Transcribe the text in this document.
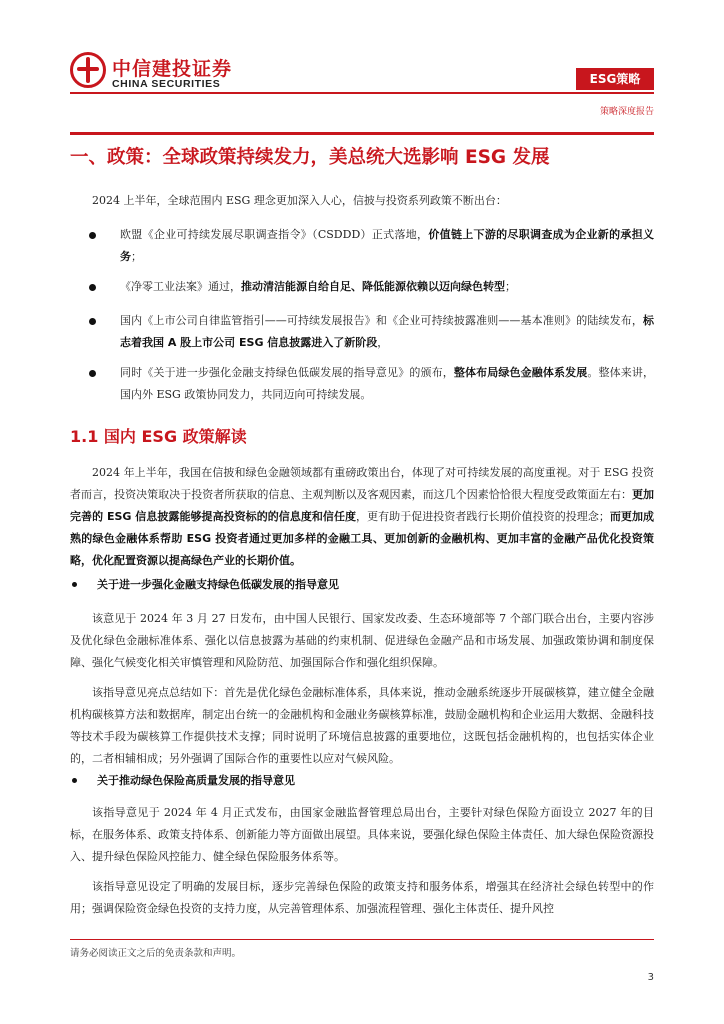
中信建投证券
CHINA SECURITIES	ESG策略
策略深度报告
一、政策：全球政策持续发力，美总统大选影响 ESG 发展
2024 上半年，全球范围内 ESG 理念更加深入人心，信披与投资系列政策不断出台：
欧盟《企业可持续发展尽职调查指令》（CSDDD）正式落地，价值链上下游的尽职调查成为企业新的承担义务；
《净零工业法案》通过，推动清洁能源自给自足、降低能源依赖以迈向绿色转型；
国内《上市公司自律监管指引——可持续发展报告》和《企业可持续披露准则——基本准则》的陆续发布，标志着我国 A 股上市公司 ESG 信息披露进入了新阶段，
同时《关于进一步强化金融支持绿色低碳发展的指导意见》的颁布，整体布局绿色金融体系发展。整体来讲，国内外 ESG 政策协同发力，共同迈向可持续发展。
1.1 国内 ESG 政策解读
2024 年上半年，我国在信披和绿色金融领域都有重磅政策出台，体现了对可持续发展的高度重视。对于 ESG 投资者而言，投资决策取决于投资者所获取的信息、主观判断以及客观因素，而这几个因素恰恰很大程度受政策面左右：更加完善的 ESG 信息披露能够提高投资标的的信息度和信任度，更有助于促进投资者践行长期价值投资的投理念；而更加成熟的绿色金融体系帮助 ESG 投资者通过更加多样的金融工具、更加创新的金融机构、更加丰富的金融产品优化投资策略，优化配置资源以提高绿色产业的长期价值。
关于进一步强化金融支持绿色低碳发展的指导意见
该意见于 2024 年 3 月 27 日发布，由中国人民银行、国家发改委、生态环境部等 7 个部门联合出台，主要内容涉及优化绿色金融标准体系、强化以信息披露为基础的约束机制、促进绿色金融产品和市场发展、加强政策协调和制度保障、强化气候变化相关审慎管理和风险防范、加强国际合作和强化组织保障。
该指导意见亮点总结如下：首先是优化绿色金融标准体系，具体来说，推动金融系统逐步开展碳核算，建立健全金融机构碳核算方法和数据库，制定出台统一的金融机构和金融业务碳核算标准，鼓励金融机构和企业运用大数据、金融科技等技术手段为碳核算工作提供技术支撑；同时说明了环境信息披露的重要地位，这既包括金融机构的，也包括实体企业的，二者相辅相成；另外强调了国际合作的重要性以应对气候风险。
关于推动绿色保险高质量发展的指导意见
该指导意见于 2024 年 4 月正式发布，由国家金融监督管理总局出台，主要针对绿色保险方面设立 2027 年的目标，在服务体系、政策支持体系、创新能力等方面做出展望。具体来说，要强化绿色保险主体责任、加大绿色保险资源投入、提升绿色保险风控能力、健全绿色保险服务体系等。
该指导意见设定了明确的发展目标，逐步完善绿色保险的政策支持和服务体系，增强其在经济社会绿色转型中的作用；强调保险资金绿色投资的支持力度，从完善管理体系、加强流程管理、强化主体责任、提升风控
请务必阅读正文之后的免责条款和声明。
3
